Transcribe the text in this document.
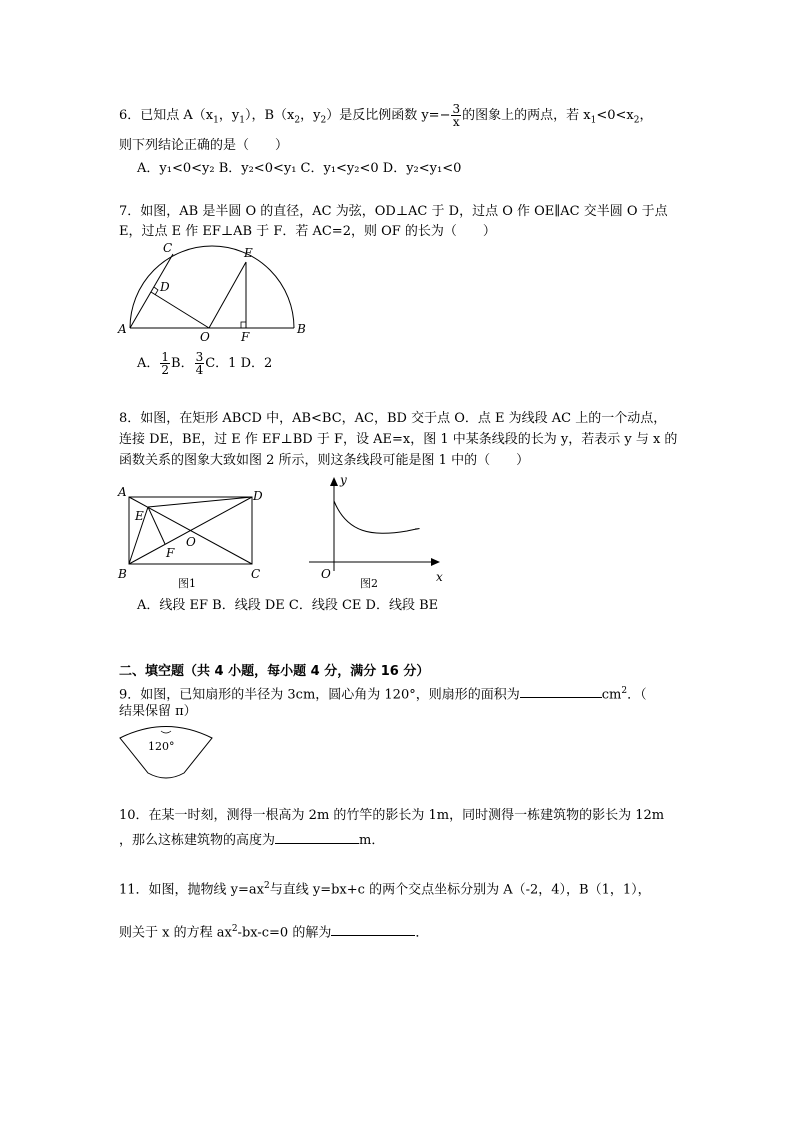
6．已知点 $A(x_1$，$y_1$），$B(x_2$，$y_2$）是反比例函数 $y=- \frac{3}{x}$ 的图象上的两点，若 $x_1<0<x_2$，
则下列结论正确的是（　　）
A．y₁<0<y₂ B．y₂<0<y₁ C．y₁<y₂<0 D．y₂<y₁<0
7．如图，AB 是半圆 O 的直径，AC 为弦，OD⊥AC 于 D，过点 O 作 OE∥AC 交半圆 O 于点
E，过点 E 作 EF⊥AB 于 F．若 AC=2，则 OF 的长为（　　）
A	B
C
D
E
O	F
A． $\frac{1}{2}$ B． $\frac{3}{4}$ C．1 D．2
8．如图，在矩形 ABCD 中，AB<BC，AC，BD 交于点 O．点 E 为线段 AC 上的一个动点，
连接 DE，BE，过 E 作 EF⊥BD 于 F，设 AE=x，图 1 中某条线段的长为 y，若表示 y 与 x 的
函数关系的图象大致如图 2 所示，则这条线段可能是图 1 中的（　　）
A	D
B	C
E
F
O
图1
y
x
O
图2
A．线段 EF B．线段 DE C．线段 CE D．线段 BE
二、填空题（共 4 小题，每小题 4 分，满分 16 分）
9．如图，已知扇形的半径为 3cm，圆心角为 120°，则扇形的面积为	$cm^2$．（
结果保留 π）
120°
10．在某一时刻，测得一根高为 2m 的竹竿的影长为 1m，同时测得一栋建筑物的影长为 12m
，那么这栋建筑物的高度为	m．
11．如图，抛物线 $y=ax^2$与直线 y=bx+c 的两个交点坐标分别为 A（-2，4），B（1，1），
则关于 x 的方程 $ax^2-bx-c=0$ 的解为	．
